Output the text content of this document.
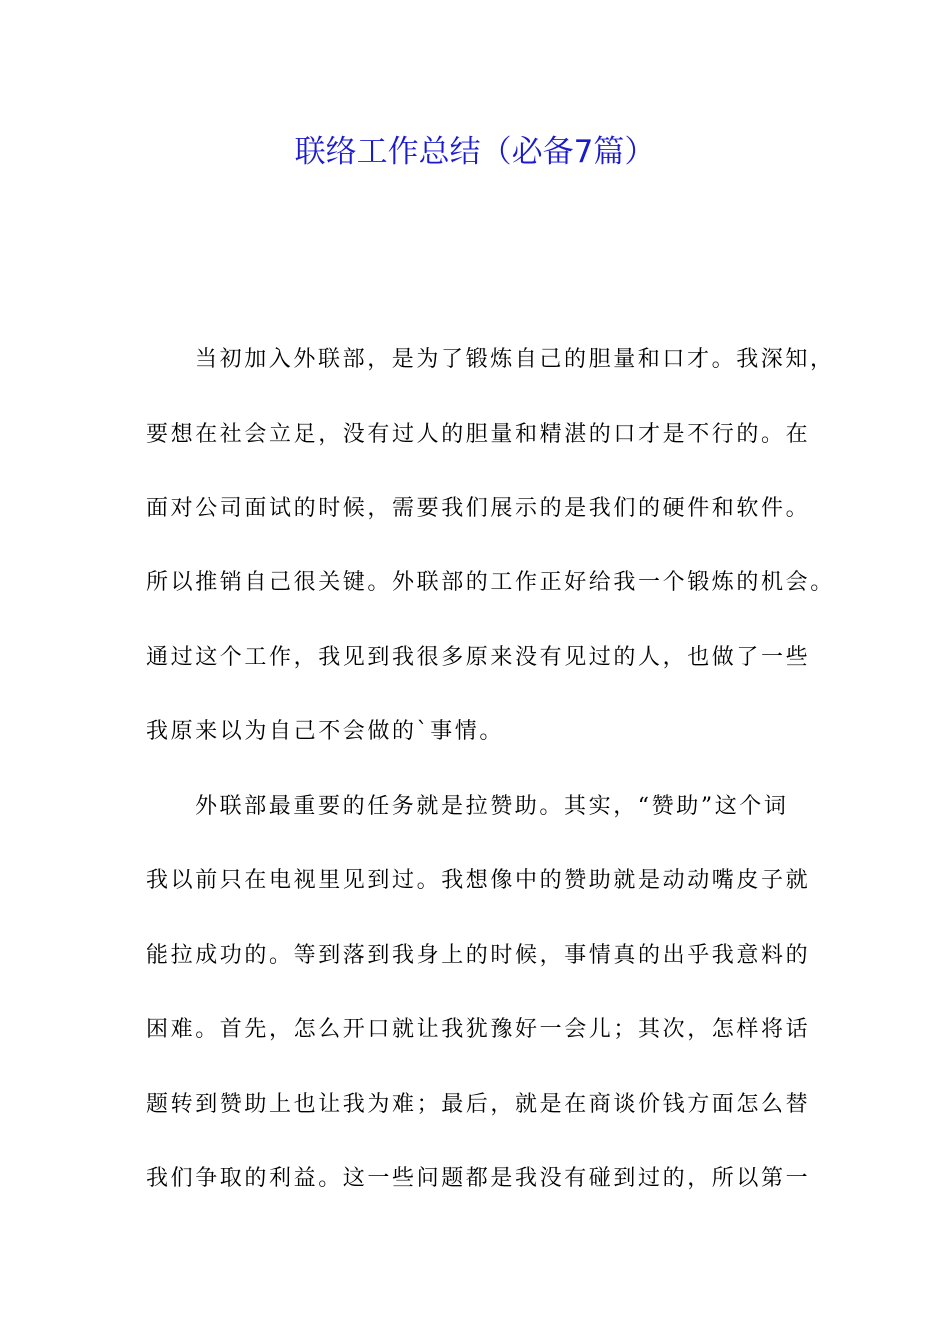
联络工作总结（必备7篇）

当初加入外联部，是为了锻炼自己的胆量和口才。我深知，

要想在社会立足，没有过人的胆量和精湛的口才是不行的。在

面对公司面试的时候，需要我们展示的是我们的硬件和软件。

所以推销自己很关键。外联部的工作正好给我一个锻炼的机会。

通过这个工作，我见到我很多原来没有见过的人，也做了一些

我原来以为自己不会做的`事情。

外联部最重要的任务就是拉赞助。其实，“赞助”这个词

我以前只在电视里见到过。我想像中的赞助就是动动嘴皮子就

能拉成功的。等到落到我身上的时候，事情真的出乎我意料的

困难。首先，怎么开口就让我犹豫好一会儿；其次，怎样将话

题转到赞助上也让我为难；最后，就是在商谈价钱方面怎么替

我们争取的利益。这一些问题都是我没有碰到过的，所以第一
